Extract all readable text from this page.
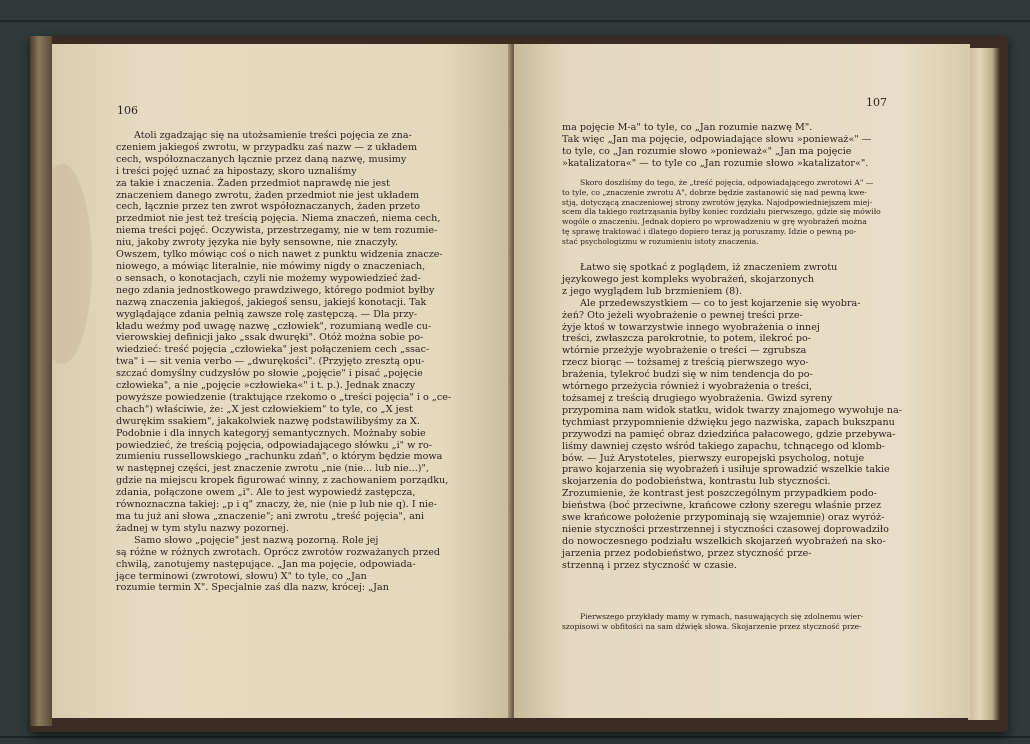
106
Atoli zgadzając się na utożsamienie treści pojęcia ze zna-
czeniem jakiegoś zwrotu, w przypadku zaś nazw — z układem
cech, współoznaczanych łącznie przez daną nazwę, musimy
i treści pojęć uznać za hipostazy, skoro uznaliśmy
za takie i znaczenia. Żaden przedmiot naprawdę nie jest
znaczeniem danego zwrotu, żaden przedmiot nie jest układem
cech, łącznie przez ten zwrot współoznaczanych, żaden przeto
przedmiot nie jest też treścią pojęcia. Niema znaczeń, niema cech,
niema treści pojęć. Oczywista, przestrzegamy, nie w tem rozumie-
niu, jakoby zwroty języka nie były sensowne, nie znaczyły.
Owszem, tylko mówiąc coś o nich nawet z punktu widzenia znacze-
niowego, a mówiąc literalnie, nie mówimy nigdy o znaczeniach,
o sensach, o konotacjach, czyli nie możemy wypowiedzieć żad-
nego zdania jednostkowego prawdziwego, którego podmiot byłby
nazwą znaczenia jakiegoś, jakiegoś sensu, jakiejś konotacji. Tak
wyglądające zdania pełnią zawsze rolę zastępczą. — Dla przy-
kładu weźmy pod uwagę nazwę „człowiek", rozumianą wedle cu-
vierowskiej definicji jako „ssak dwuręki". Otóż można sobie po-
wiedzieć: treść pojęcia „człowieka" jest połączeniem cech „ssac-
twa" i — sit venia verbo — „dwurękości". (Przyjęto zresztą opu-
szczać domyślny cudzysłów po słowie „pojęcie" i pisać „pojęcie
człowieka", a nie „pojęcie »człowieka«" i t. p.). Jednak znaczy
powyższe powiedzenie (traktujące rzekomo o „treści pojęcia" i o „ce-
chach") właściwie, że: „X jest człowiekiem" to tyle, co „X jest
dwurękim ssakiem", jakakolwiek nazwę podstawilibyśmy za X.
Podobnie i dla innych kategoryj semantycznych. Możnaby sobie
powiedzieć, że treścią pojęcia, odpowiadającego słówku „i" w ro-
zumieniu russellowskiego „rachunku zdań", o którym będzie mowa
w następnej części, jest znaczenie zwrotu „nie (nie... lub nie...)",
gdzie na miejscu kropek figurować winny, z zachowaniem porządku,
zdania, połączone owem „i". Ale to jest wypowiedź zastępcza,
równoznaczna takiej: „p i q" znaczy, że, nie (nie p lub nie q). I nie-
ma tu już ani słowa „znaczenie"; ani zwrotu „treść pojęcia", ani
żadnej w tym stylu nazwy pozornej.
Samo słowo „pojęcie" jest nazwą pozorną. Role jej
są różne w różnych zwrotach. Oprócz zwrotów rozważanych przed
chwilą, zanotujemy następujące. „Jan ma pojęcie, odpowiada-
jące terminowi (zwrotowi, słowu) X" to tyle, co „Jan
rozumie termin X". Specjalnie zaś dla nazw, krócej: „Jan
107
ma pojęcie M-a" to tyle, co „Jan rozumie nazwę M".
Tak więc „Jan ma pojęcie, odpowiadające słowu »ponieważ«" —
to tyle, co „Jan rozumie słowo »ponieważ«" „Jan ma pojęcie
»katalizatora«" — to tyle co „Jan rozumie słowo »katalizator«".
Skoro doszliśmy do tego, że „treść pojęcia, odpowiadającego zwrotowi A" —
to tyle, co „znaczenie zwrotu A", dobrze będzie zastanowić się nad pewną kwe-
stją, dotyczącą znaczeniowej strony zwrotów języka. Najodpowiedniejszem miej-
scem dla takiego roztrząsania byłby koniec rozdziału pierwszego, gdzie się mówiło
wogóle o znaczeniu. Jednak dopiero po wprowadzeniu w grę wyobrażeń można
tę sprawę traktować i dlatego dopiero teraz ją poruszamy. Idzie o pewną po-
stać psychologizmu w rozumieniu istoty znaczenia.
Łatwo się spotkać z poglądem, iż znaczeniem zwrotu
językowego jest kompleks wyobrażeń, skojarzonych
z jego wyglądem lub brzmieniem (8).
Ale przedewszystkiem — co to jest kojarzenie się wyobra-
żeń? Oto jeżeli wyobrażenie o pewnej treści prze-
żyje ktoś w towarzystwie innego wyobrażenia o innej
treści, zwłaszcza parokrotnie, to potem, ilekroć po-
wtórnie przeżyje wyobrażenie o treści — zgrubsza
rzecz biorąc — tożsamej z treścią pierwszego wyo-
brażenia, tylekroć budzi się w nim tendencja do po-
wtórnego przeżycia również i wyobrażenia o treści,
tożsamej z treścią drugiego wyobrażenia. Gwizd syreny
przypomina nam widok statku, widok twarzy znajomego wywołuje na-
tychmiast przypomnienie dźwięku jego nazwiska, zapach bukszpanu
przywodzi na pamięć obraz dziedzińca pałacowego, gdzie przebywa-
liśmy dawniej często wśród takiego zapachu, tchnącego od klomb-
bów. — Już Arystoteles, pierwszy europejski psycholog, notuje
prawo kojarzenia się wyobrażeń i usiłuje sprowadzić wszelkie takie
skojarzenia do podobieństwa, kontrastu lub styczności.
Zrozumienie, że kontrast jest poszczególnym przypadkiem podo-
bieństwa (boć przeciwne, krańcowe człony szeregu właśnie przez
swe krańcowe położenie przypominają się wzajemnie) oraz wyróż-
nienie styczności przestrzennej i styczności czasowej doprowadziło
do nowoczesnego podziału wszelkich skojarzeń wyobrażeń na sko-
jarzenia przez podobieństwo, przez styczność prze-
strzenną i przez styczność w czasie.
Pierwszego przykłady mamy w rymach, nasuwających się zdolnemu wier-
szopisowi w obfitości na sam dźwięk słowa. Skojarzenie przez styczność prze-
